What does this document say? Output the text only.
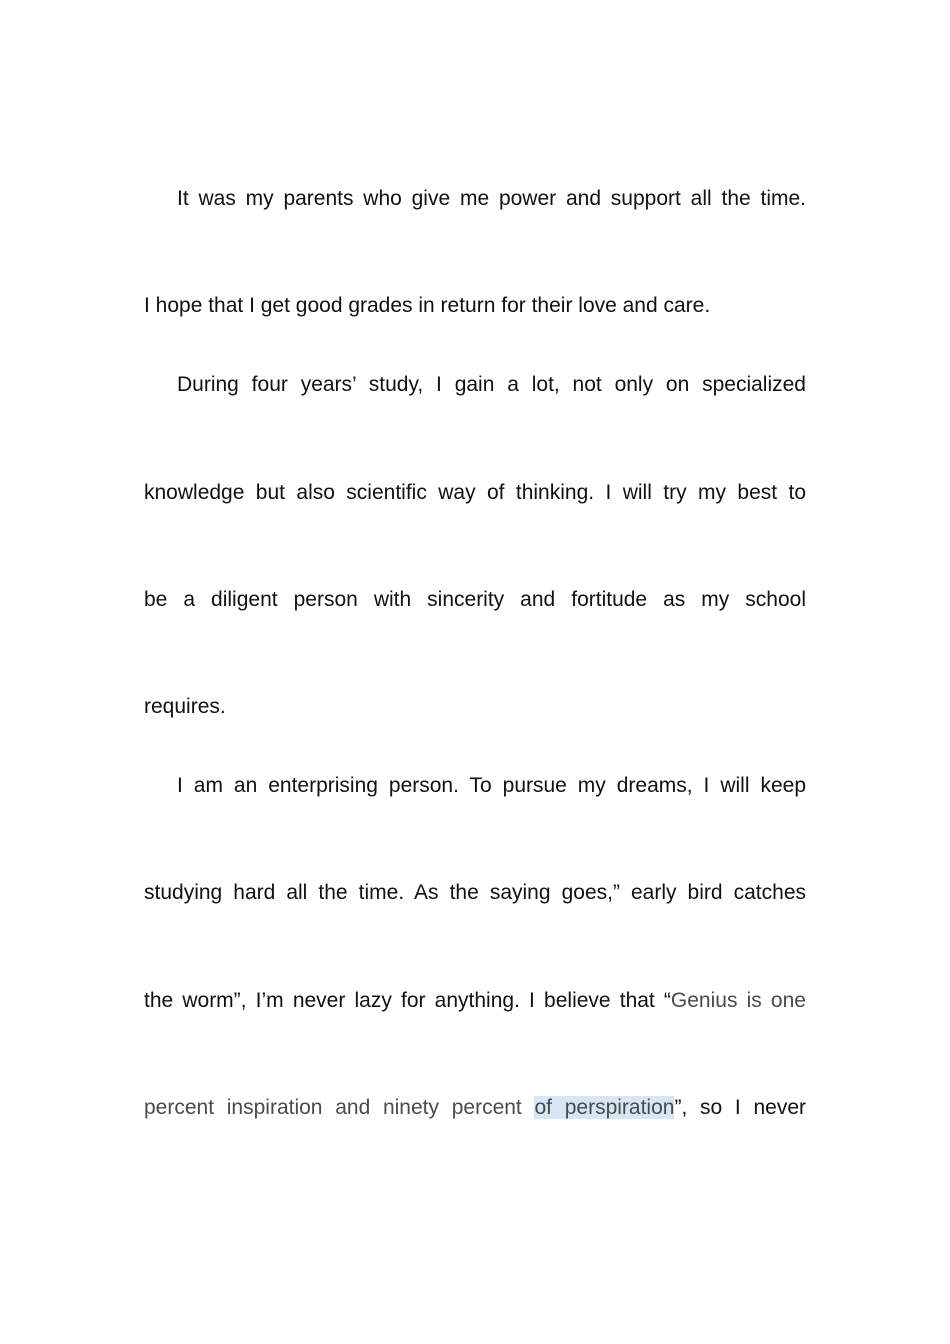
It was my parents who give me power and support all the time.
I hope that I get good grades in return for their love and care.
During four years’ study, I gain a lot, not only on specialized
knowledge but also scientific way of thinking. I will try my best to
be a diligent person with sincerity and fortitude as my school
requires.
I am an enterprising person. To pursue my dreams, I will keep
studying hard all the time. As the saying goes,” early bird catches
the worm”, I’m never lazy for anything. I believe that “Genius is one
percent inspiration and ninety percent of perspiration”, so I never
